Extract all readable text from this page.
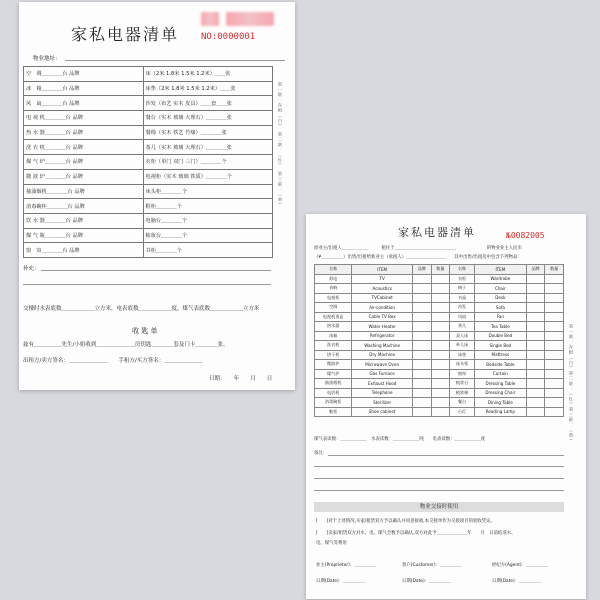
家私电器清单 NO:0000001
物业地址：
空　调＿＿＿＿台 品牌	床（2米 1.8米 1.5米 1.2米）＿＿张
冰　箱＿＿＿＿台 品牌	床垫（2米 1.8米 1.5米 1.2米）＿＿张
风　扇＿＿＿＿台 品牌	沙发（布艺 实木 皮具）＿＿套＿＿张
电 视 机＿＿＿＿台 品牌	餐台（实木 玻璃 大理石）＿＿＿＿张
热 水 器＿＿＿＿台 品牌	餐椅（实木 铁艺 竹缘）＿＿＿＿张
洗 衣 机＿＿＿＿台 品牌	茶几（实木 玻璃 大理石）＿＿＿＿张
煤 气 炉＿＿＿＿台 品牌	衣柜（单门 双门 三门）＿＿＿＿个
微 波 炉＿＿＿＿台 品牌	电视柜（实木 玻璃 铁质）＿＿＿＿个
抽油烟机＿＿＿＿台 品牌	床头柜＿＿＿＿个
消毒碗柜＿＿＿＿台 品牌	鞋柜＿＿＿＿个
饮 水 器＿＿＿＿台 品牌	电脑台＿＿＿＿个
煤 气 瓶＿＿＿＿台 品牌	梳妆台＿＿＿＿个
窗　帘＿＿＿＿台 品牌	书柜＿＿＿＿个
第一联：存根（白）　第二联：（红）　第三联：（黄）
补充：
交楼时水表底数＿＿＿＿＿＿立方米，电表底数＿＿＿＿＿＿度，煤气表底数＿＿＿＿＿＿立方米
收 匙 单
兹有＿＿＿＿＿先生/小姐收到＿＿＿＿＿＿＿房钥匙＿＿＿＿套及门卡＿＿＿＿张。
出租方/卖方签名：＿＿＿＿＿＿＿　　手租方/买方签名：＿＿＿＿＿＿＿
日期：　　年　　月　　日
家私电器清单	№0082005
原业主/出租人＿＿＿＿＿＿　　　租住于＿＿＿＿＿＿＿＿＿＿＿＿＿＿　　　　　　　的物业业主人民币
（¥＿＿＿＿＿）出售/出租给新业主（承租人）＿＿＿＿＿＿＿＿＿　　其中出售/出租房中包含下列物品：
名称	ITEM	品牌	数量	名称	ITEM	品牌	数量
彩电	TV			衣柜	Wardrobe		
音响	Acoustics			椅子	Chair		
电视柜	TVCabinet			书桌	Desk		
空调	Air-condition			沙发	Sofa		
电视机顶盒	Cable TV Box			风扇	Fan		
热水器	Water Heater			茶几	Tea Table		
冰箱	Refrigerator			双人床	Double Bed		
洗衣机	Washing Machine			单人床	Single Bed		
烘干机	Dry Machine			床垫	Mattress		
微波炉	Microwave Oven			床头柜	Bedside Table		
煤气炉	Gas Furnace			窗帘	Curtain		
抽油烟机	Exhaust Hood			梳妆台	Dressing Table		
电话机	Telephone			梳妆椅	Dressing Chair		
消毒碗柜	Sterilizer			餐台	Dining Table		
鞋柜	Shoe cabinet			台灯	Reading Lamp			第一联：存根（白）第二联：（红）第三联：（黄）
煤气表读数：＿＿＿＿＿＿　水表读数：＿＿＿＿＿＿吨　　电表读数：＿＿＿＿＿＿度
备注：
物业交接时使用
[　　]对于上述情况,买家/租赁双方予以确认并同意接收,本交接单作为交接项目的验收凭证。
[　　]卖家/租赁双方对水、电、煤气全数予以确认,双方对此予＿＿＿＿＿＿＿年　　月　日前结清水、
电、煤气等费用
业主(Proprietor)：＿＿＿＿＿	客户(Customer)：＿＿＿＿＿	经纪方(Agent)：＿＿＿＿＿
日期(Date)：＿＿＿＿＿	日期(Date)：＿＿＿＿＿	日期(Date)：＿＿＿＿＿
